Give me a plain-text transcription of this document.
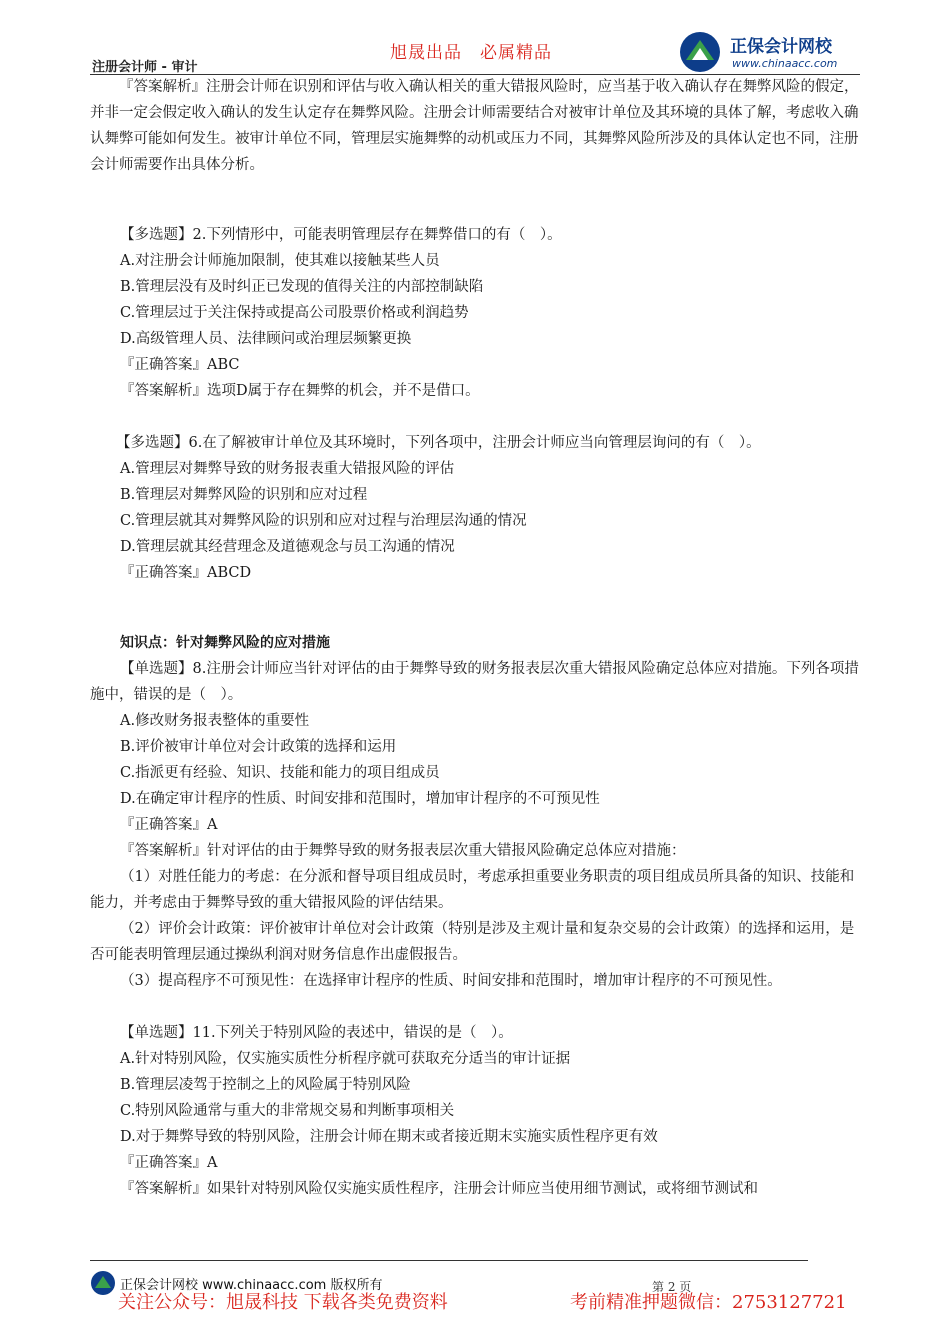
注册会计师 - 审计
旭晟出品　必属精品	正保会计网校
www.chinaacc.com

『答案解析』注册会计师在识别和评估与收入确认相关的重大错报风险时，应当基于收入确认存在舞弊风险的假定，并非一定会假定收入确认的发生认定存在舞弊风险。注册会计师需要结合对被审计单位及其环境的具体了解，考虑收入确认舞弊可能如何发生。被审计单位不同，管理层实施舞弊的动机或压力不同，其舞弊风险所涉及的具体认定也不同，注册会计师需要作出具体分析。

【多选题】2.下列情形中，可能表明管理层存在舞弊借口的有（　）。

A.对注册会计师施加限制，使其难以接触某些人员

B.管理层没有及时纠正已发现的值得关注的内部控制缺陷

C.管理层过于关注保持或提高公司股票价格或利润趋势

D.高级管理人员、法律顾问或治理层频繁更换

『正确答案』ABC

『答案解析』选项D属于存在舞弊的机会，并不是借口。

【多选题】6.在了解被审计单位及其环境时，下列各项中，注册会计师应当向管理层询问的有（　）。

A.管理层对舞弊导致的财务报表重大错报风险的评估

B.管理层对舞弊风险的识别和应对过程

C.管理层就其对舞弊风险的识别和应对过程与治理层沟通的情况

D.管理层就其经营理念及道德观念与员工沟通的情况

『正确答案』ABCD

知识点：针对舞弊风险的应对措施

【单选题】8.注册会计师应当针对评估的由于舞弊导致的财务报表层次重大错报风险确定总体应对措施。下列各项措施中，错误的是（　）。

A.修改财务报表整体的重要性

B.评价被审计单位对会计政策的选择和运用

C.指派更有经验、知识、技能和能力的项目组成员

D.在确定审计程序的性质、时间安排和范围时，增加审计程序的不可预见性

『正确答案』A

『答案解析』针对评估的由于舞弊导致的财务报表层次重大错报风险确定总体应对措施：

（1）对胜任能力的考虑：在分派和督导项目组成员时，考虑承担重要业务职责的项目组成员所具备的知识、技能和能力，并考虑由于舞弊导致的重大错报风险的评估结果。

（2）评价会计政策：评价被审计单位对会计政策（特别是涉及主观计量和复杂交易的会计政策）的选择和运用，是否可能表明管理层通过操纵利润对财务信息作出虚假报告。

（3）提高程序不可预见性：在选择审计程序的性质、时间安排和范围时，增加审计程序的不可预见性。

【单选题】11.下列关于特别风险的表述中，错误的是（　）。

A.针对特别风险，仅实施实质性分析程序就可获取充分适当的审计证据

B.管理层凌驾于控制之上的风险属于特别风险

C.特别风险通常与重大的非常规交易和判断事项相关

D.对于舞弊导致的特别风险，注册会计师在期末或者接近期末实施实质性程序更有效

『正确答案』A

『答案解析』如果针对特别风险仅实施实质性程序，注册会计师应当使用细节测试，或将细节测试和

正保会计网校 www.chinaacc.com 版权所有	第 2 页
关注公众号：旭晟科技 下载各类免费资料	考前精准押题微信：2753127721
